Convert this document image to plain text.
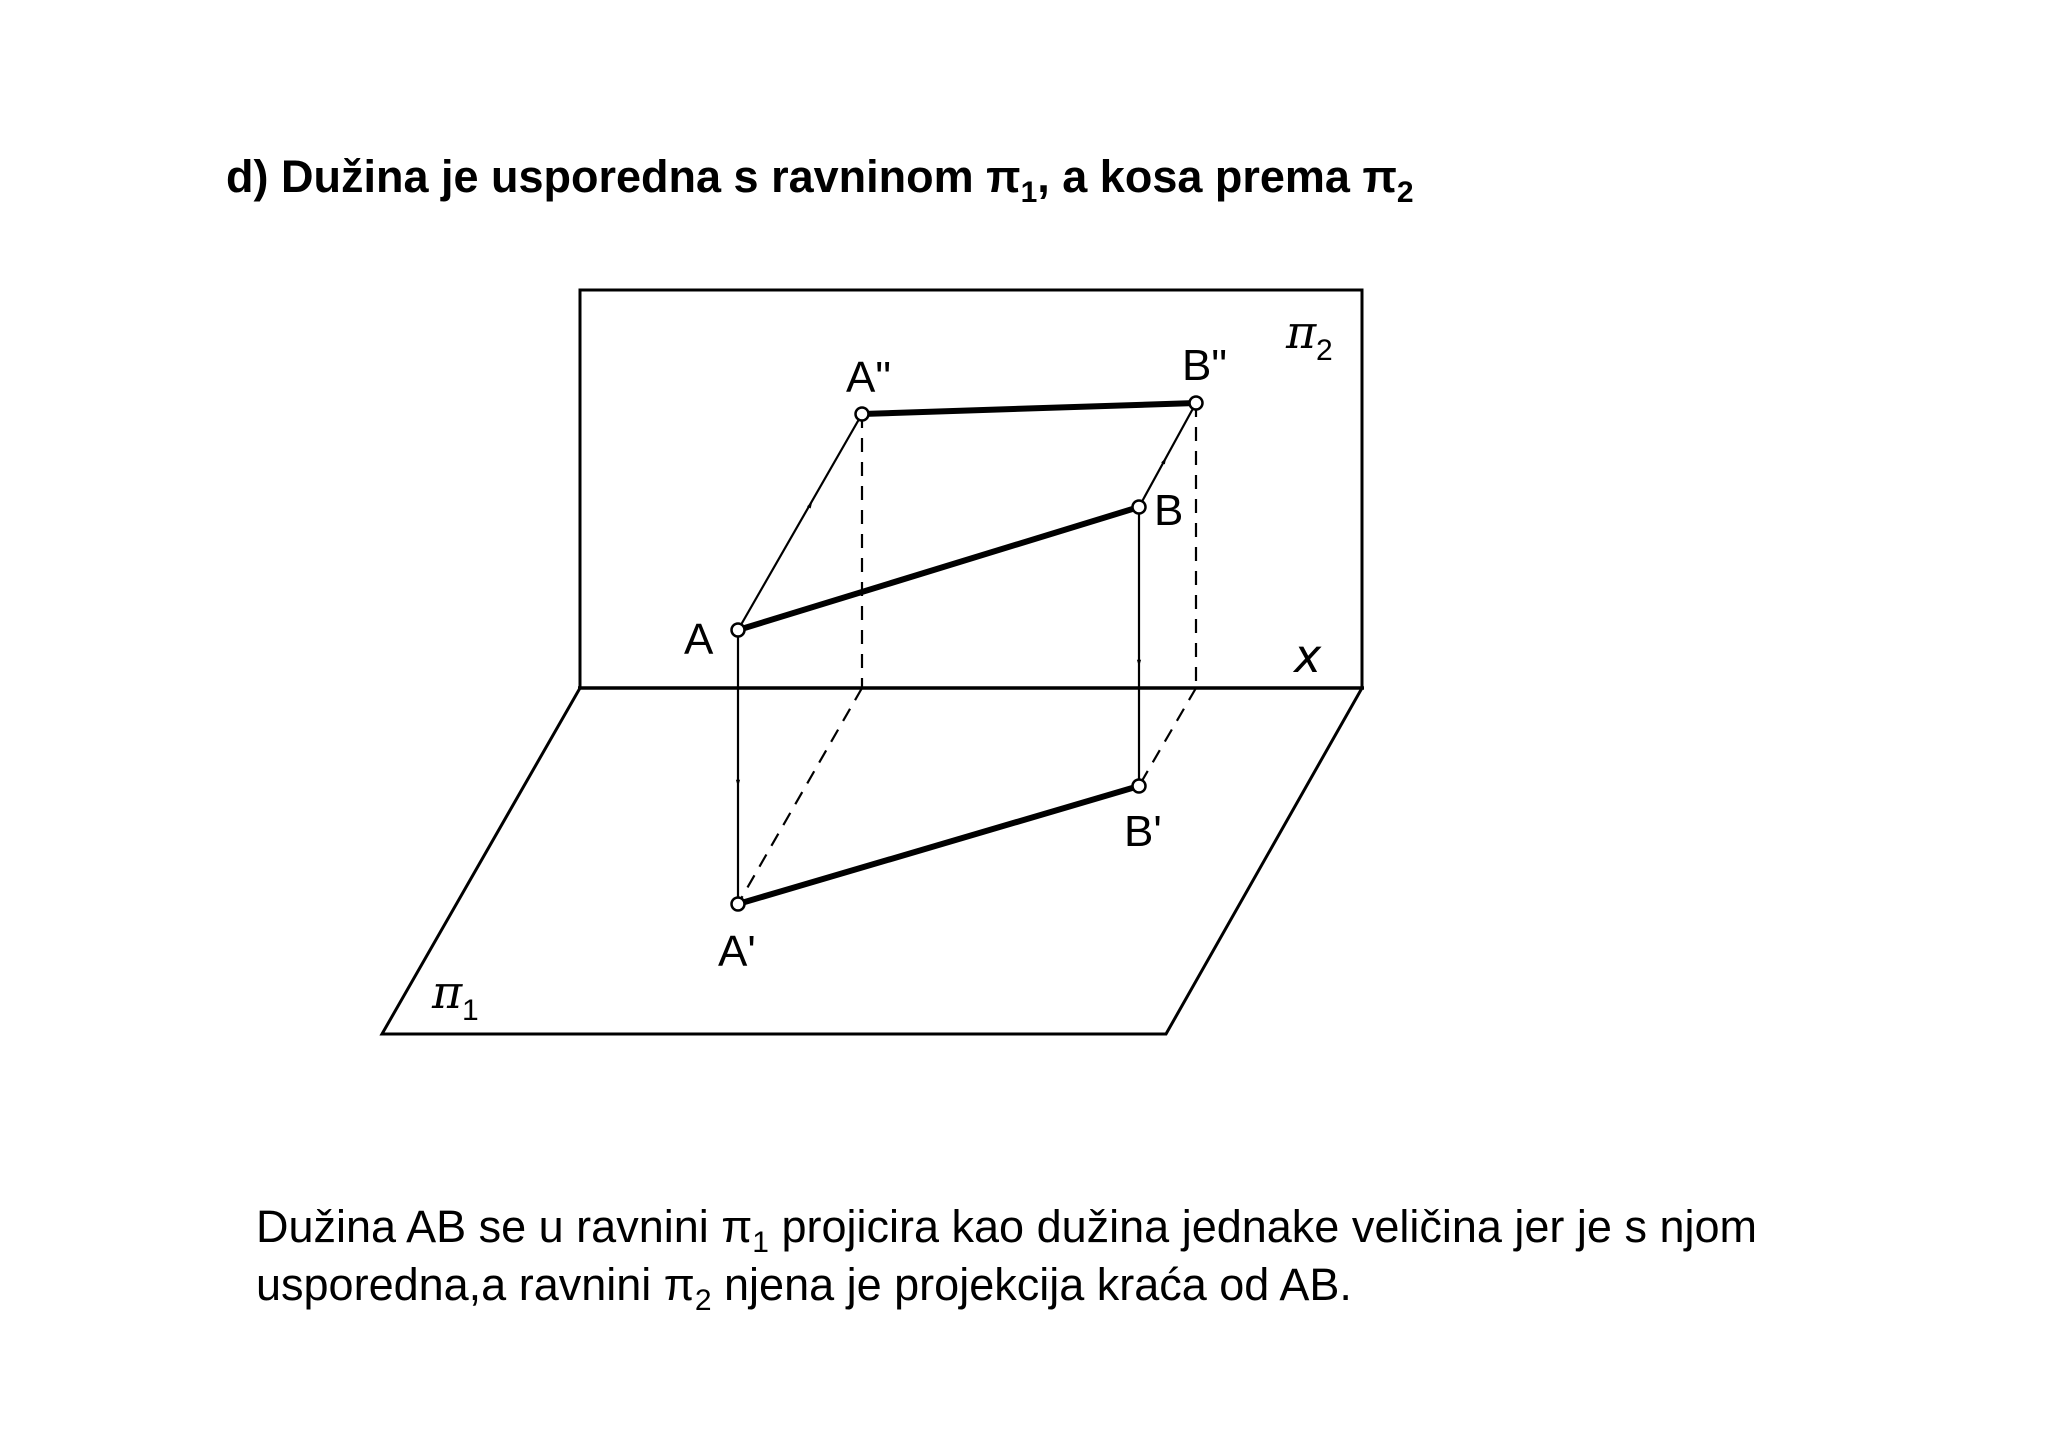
d) Dužina je usporedna s ravninom $\pi_1$, a kosa prema $\pi_2$
A"	B"
A
B
A'
B'
x
π 2
π 1
Dužina AB se u ravnini $\pi_1$ projicira kao dužina jednake veličina jer je s njom usporedna,a ravnini $\pi_2$ njena je projekcija kraća od AB.
